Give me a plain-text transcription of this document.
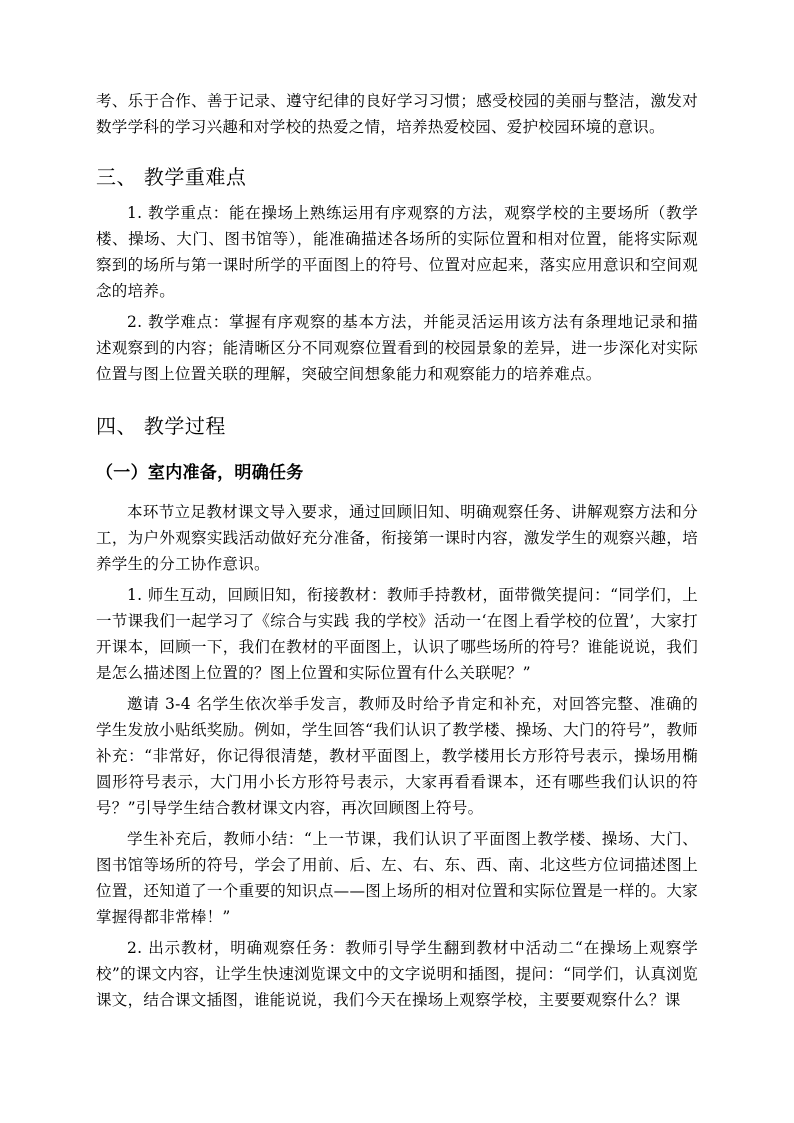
考、乐于合作、善于记录、遵守纪律的良好学习习惯；感受校园的美丽与整洁，激发对数学学科的学习兴趣和对学校的热爱之情，培养热爱校园、爱护校园环境的意识。

三、 教学重难点

1. 教学重点：能在操场上熟练运用有序观察的方法，观察学校的主要场所（教学楼、操场、大门、图书馆等），能准确描述各场所的实际位置和相对位置，能将实际观察到的场所与第一课时所学的平面图上的符号、位置对应起来，落实应用意识和空间观念的培养。

2. 教学难点：掌握有序观察的基本方法，并能灵活运用该方法有条理地记录和描述观察到的内容；能清晰区分不同观察位置看到的校园景象的差异，进一步深化对实际位置与图上位置关联的理解，突破空间想象能力和观察能力的培养难点。

四、 教学过程
（一）室内准备，明确任务

本环节立足教材课文导入要求，通过回顾旧知、明确观察任务、讲解观察方法和分工，为户外观察实践活动做好充分准备，衔接第一课时内容，激发学生的观察兴趣，培养学生的分工协作意识。

1. 师生互动，回顾旧知，衔接教材：教师手持教材，面带微笑提问：“同学们，上一节课我们一起学习了《综合与实践 我的学校》活动一‘在图上看学校的位置’，大家打开课本，回顾一下，我们在教材的平面图上，认识了哪些场所的符号？谁能说说，我们是怎么描述图上位置的？图上位置和实际位置有什么关联呢？”

邀请 3-4 名学生依次举手发言，教师及时给予肯定和补充，对回答完整、准确的学生发放小贴纸奖励。例如，学生回答“我们认识了教学楼、操场、大门的符号”，教师补充：“非常好，你记得很清楚，教材平面图上，教学楼用长方形符号表示，操场用椭圆形符号表示，大门用小长方形符号表示，大家再看看课本，还有哪些我们认识的符号？”引导学生结合教材课文内容，再次回顾图上符号。

学生补充后，教师小结：“上一节课，我们认识了平面图上教学楼、操场、大门、图书馆等场所的符号，学会了用前、后、左、右、东、西、南、北这些方位词描述图上位置，还知道了一个重要的知识点——图上场所的相对位置和实际位置是一样的。大家掌握得都非常棒！”

2. 出示教材，明确观察任务：教师引导学生翻到教材中活动二“在操场上观察学校”的课文内容，让学生快速浏览课文中的文字说明和插图，提问：“同学们，认真浏览课文，结合课文插图，谁能说说，我们今天在操场上观察学校，主要要观察什么？课
